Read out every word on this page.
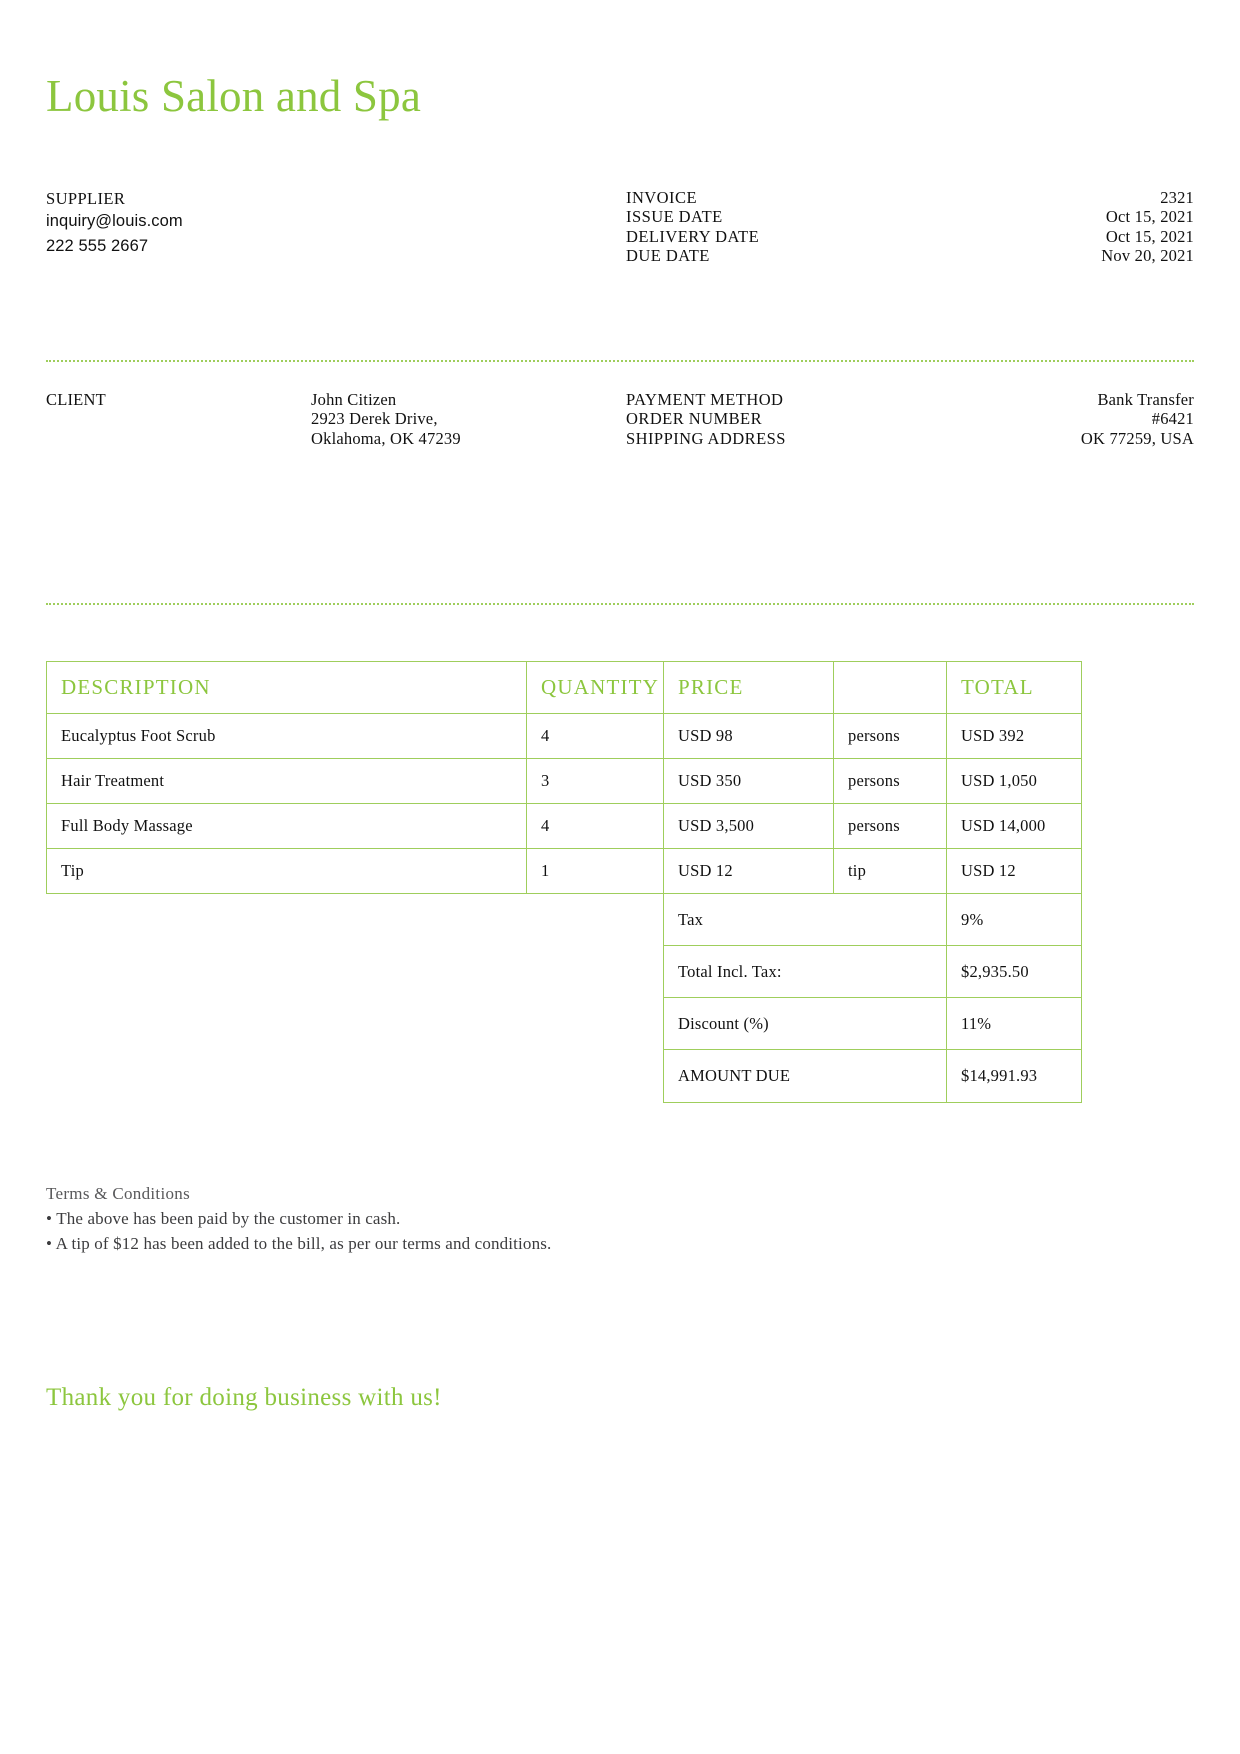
Louis Salon and Spa
SUPPLIER
inquiry@louis.com
222 555 2667
INVOICE	2321
ISSUE DATE	Oct 15, 2021
DELIVERY DATE	Oct 15, 2021
DUE DATE	Nov 20, 2021
CLIENT	John Citizen
2923 Derek Drive,
Oklahoma, OK 47239
PAYMENT METHOD	Bank Transfer
ORDER NUMBER	#6421
SHIPPING ADDRESS	OK 77259, USA
DESCRIPTION	QUANTITY	PRICE		TOTAL
Eucalyptus Foot Scrub	4	USD 98	persons	USD 392
Hair Treatment	3	USD 350	persons	USD 1,050
Full Body Massage	4	USD 3,500	persons	USD 14,000
Tip	1	USD 12	tip	USD 12
		Tax		9%
		Total Incl. Tax:		$2,935.50
		Discount (%)		11%
		AMOUNT DUE		$14,991.93
Terms & Conditions
• The above has been paid by the customer in cash.
• A tip of $12 has been added to the bill, as per our terms and conditions.
Thank you for doing business with us!
